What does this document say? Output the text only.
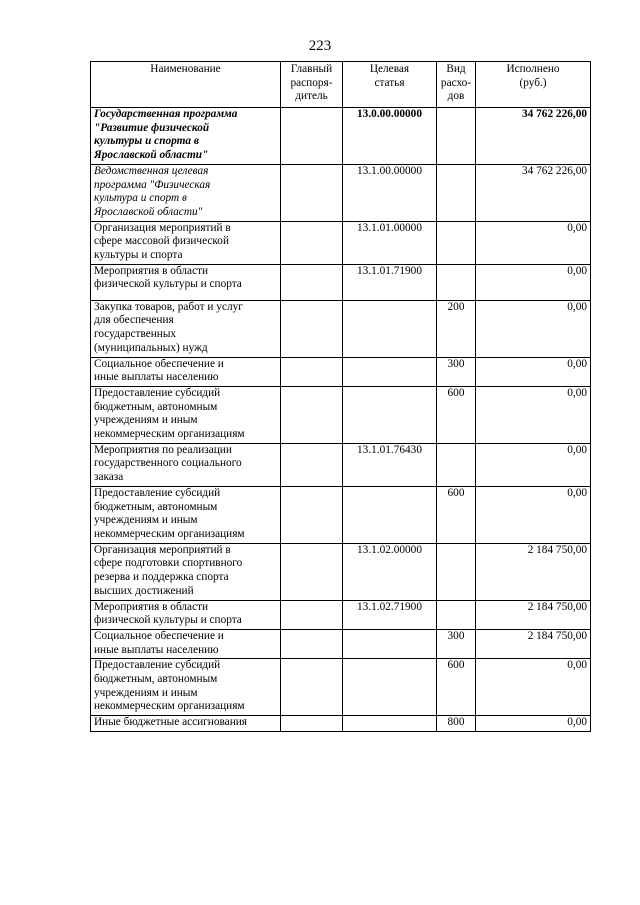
223
Наименование	Главный
распоря-
дитель	Целевая
статья	Вид
расхо-
дов	Исполнено
(руб.)

Государственная программа
"Развитие физической
культуры и спорта в
Ярославской области"		13.0.00.00000		34 762 226,00

Ведомственная целевая
программа "Физическая
культура и спорт в
Ярославской области"		13.1.00.00000		34 762 226,00

Организация мероприятий в
сфере массовой физической
культуры и спорта		13.1.01.00000		0,00

Мероприятия в области
физической культуры и спорта		13.1.01.71900		0,00

Закупка товаров, работ и услуг
для обеспечения
государственных
(муниципальных) нужд			200	0,00

Социальное обеспечение и
иные выплаты населению			300	0,00

Предоставление субсидий
бюджетным, автономным
учреждениям и иным
некоммерческим организациям			600	0,00

Мероприятия по реализации
государственного социального
заказа		13.1.01.76430		0,00

Предоставление субсидий
бюджетным, автономным
учреждениям и иным
некоммерческим организациям			600	0,00

Организация мероприятий в
сфере подготовки спортивного
резерва и поддержка спорта
высших достижений		13.1.02.00000		2 184 750,00

Мероприятия в области
физической культуры и спорта		13.1.02.71900		2 184 750,00

Социальное обеспечение и
иные выплаты населению			300	2 184 750,00

Предоставление субсидий
бюджетным, автономным
учреждениям и иным
некоммерческим организациям			600	0,00

Иные бюджетные ассигнования			800	0,00
